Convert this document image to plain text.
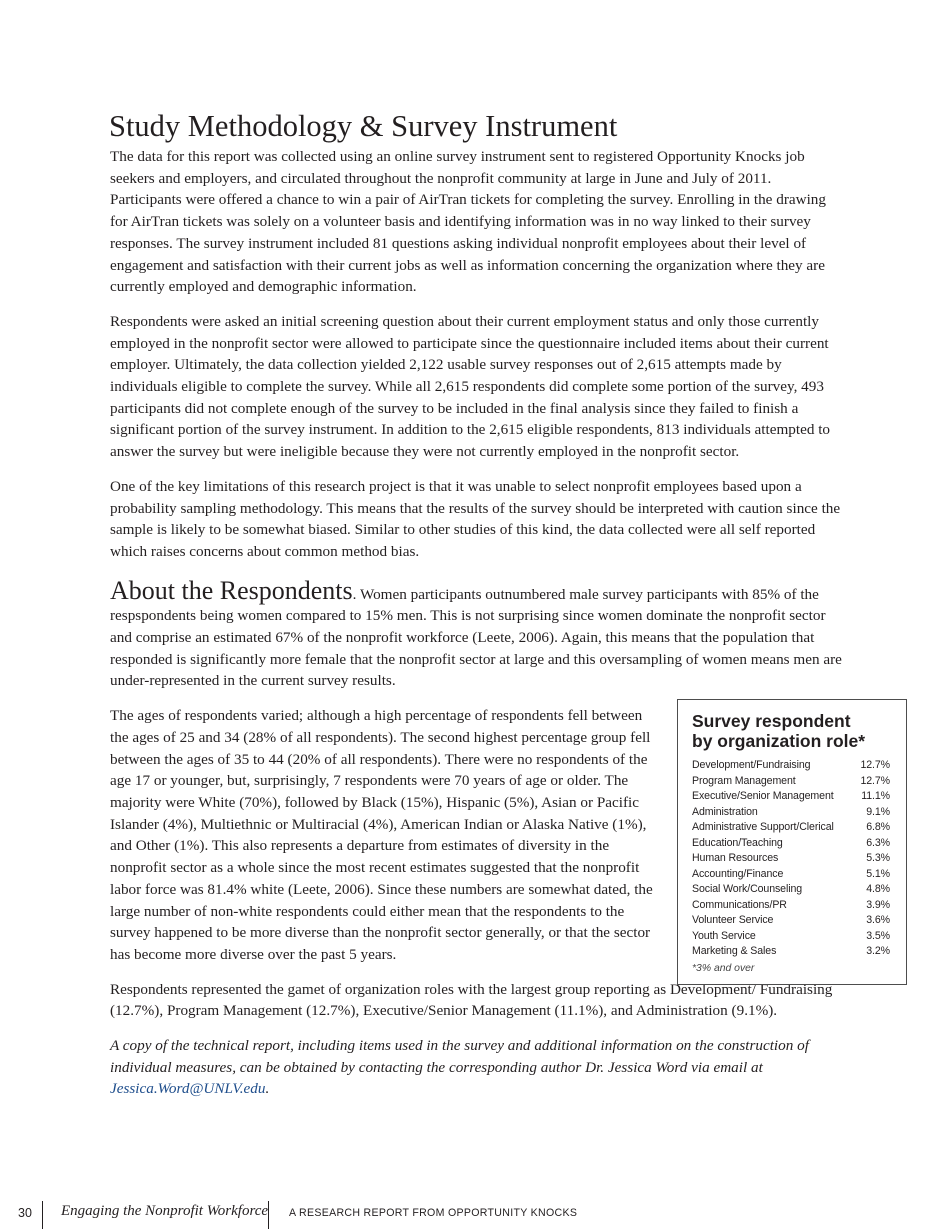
Study Methodology & Survey Instrument

The data for this report was collected using an online survey instrument sent to registered Opportunity Knocks job seekers and employers, and circulated throughout the nonprofit community at large in June and July of 2011. Participants were offered a chance to win a pair of AirTran tickets for completing the survey. Enrolling in the drawing for AirTran tickets was solely on a volunteer basis and identifying information was in no way linked to their survey responses. The survey instrument included 81 questions asking individual nonprofit employees about their level of engagement and satisfaction with their current jobs as well as information concerning the organization where they are currently employed and demographic information.

Respondents were asked an initial screening question about their current employment status and only those currently employed in the nonprofit sector were allowed to participate since the questionnaire included items about their current employer. Ultimately, the data collection yielded 2,122 usable survey responses out of 2,615 attempts made by individuals eligible to complete the survey. While all 2,615 respondents did complete some portion of the survey, 493 participants did not complete enough of the survey to be included in the final analysis since they failed to finish a significant portion of the survey instrument. In addition to the 2,615 eligible respondents, 813 individuals attempted to answer the survey but were ineligible because they were not currently employed in the nonprofit sector.

One of the key limitations of this research project is that it was unable to select nonprofit employees based upon a probability sampling methodology. This means that the results of the survey should be interpreted with caution since the sample is likely to be somewhat biased. Similar to other studies of this kind, the data collected were all self reported which raises concerns about common method bias.

About the Respondents. Women participants outnumbered male survey participants with 85% of the respspondents being women compared to 15% men. This is not surprising since women dominate the nonprofit sector and comprise an estimated 67% of the nonprofit workforce (Leete, 2006). Again, this means that the population that responded is significantly more female that the nonprofit sector at large and this oversampling of women means men are under-represented in the current survey results.

The ages of respondents varied; although a high percentage of respondents fell between the ages of 25 and 34 (28% of all respondents). The second highest percentage group fell between the ages of 35 to 44 (20% of all respondents). There were no respondents of the age 17 or younger, but, surprisingly, 7 respondents were 70 years of age or older. The majority were White (70%), followed by Black (15%), Hispanic (5%), Asian or Pacific Islander (4%), Multiethnic or Multiracial (4%), American Indian or Alaska Native (1%), and Other (1%). This also represents a departure from estimates of diversity in the nonprofit sector as a whole since the most recent estimates suggested that the nonprofit labor force was 81.4% white (Leete, 2006). Since these numbers are somewhat dated, the large number of non-white respondents could either mean that the respondents to the survey happened to be more diverse than the nonprofit sector generally, or that the sector has become more diverse over the past 5 years.

Survey respondent by organization role*
Development/Fundraising	12.7%
Program Management	12.7%
Executive/Senior Management	11.1%
Administration	9.1%
Administrative Support/Clerical	6.8%
Education/Teaching	6.3%
Human Resources	5.3%
Accounting/Finance	5.1%
Social Work/Counseling	4.8%
Communications/PR	3.9%
Volunteer Service	3.6%
Youth Service	3.5%
Marketing & Sales	3.2%
*3% and over

Respondents represented the gamet of organization roles with the largest group reporting as Development/ Fundraising (12.7%), Program Management (12.7%), Executive/Senior Management (11.1%), and Administration (9.1%).

A copy of the technical report, including items used in the survey and additional information on the construction of individual measures, can be obtained by contacting the corresponding author Dr. Jessica Word via email at Jessica.Word@UNLV.edu.

30 Engaging the Nonprofit Workforce A RESEARCH REPORT FROM OPPORTUNITY KNOCKS
